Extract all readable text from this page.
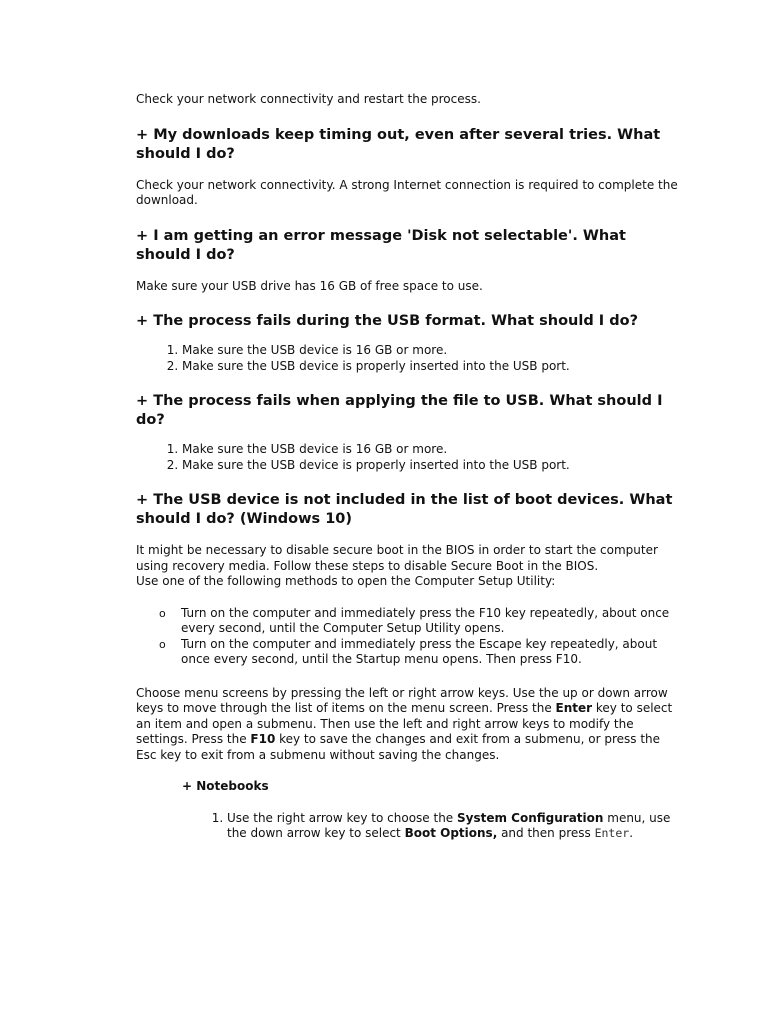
Check your network connectivity and restart the process.

+ My downloads keep timing out, even after several tries. What should I do?

Check your network connectivity. A strong Internet connection is required to complete the download.

+ I am getting an error message 'Disk not selectable'. What should I do?

Make sure your USB drive has 16 GB of free space to use.

+ The process fails during the USB format. What should I do?

1. Make sure the USB device is 16 GB or more.
2. Make sure the USB device is properly inserted into the USB port.

+ The process fails when applying the file to USB. What should I do?

1. Make sure the USB device is 16 GB or more.
2. Make sure the USB device is properly inserted into the USB port.

+ The USB device is not included in the list of boot devices. What should I do? (Windows 10)

It might be necessary to disable secure boot in the BIOS in order to start the computer using recovery media. Follow these steps to disable Secure Boot in the BIOS.

Use one of the following methods to open the Computer Setup Utility:

o Turn on the computer and immediately press the F10 key repeatedly, about once every second, until the Computer Setup Utility opens.
o Turn on the computer and immediately press the Escape key repeatedly, about once every second, until the Startup menu opens. Then press F10.

Choose menu screens by pressing the left or right arrow keys. Use the up or down arrow keys to move through the list of items on the menu screen. Press the Enter key to select an item and open a submenu. Then use the left and right arrow keys to modify the settings. Press the F10 key to save the changes and exit from a submenu, or press the Esc key to exit from a submenu without saving the changes.

+ Notebooks

1. Use the right arrow key to choose the System Configuration menu, use the down arrow key to select Boot Options, and then press Enter.
